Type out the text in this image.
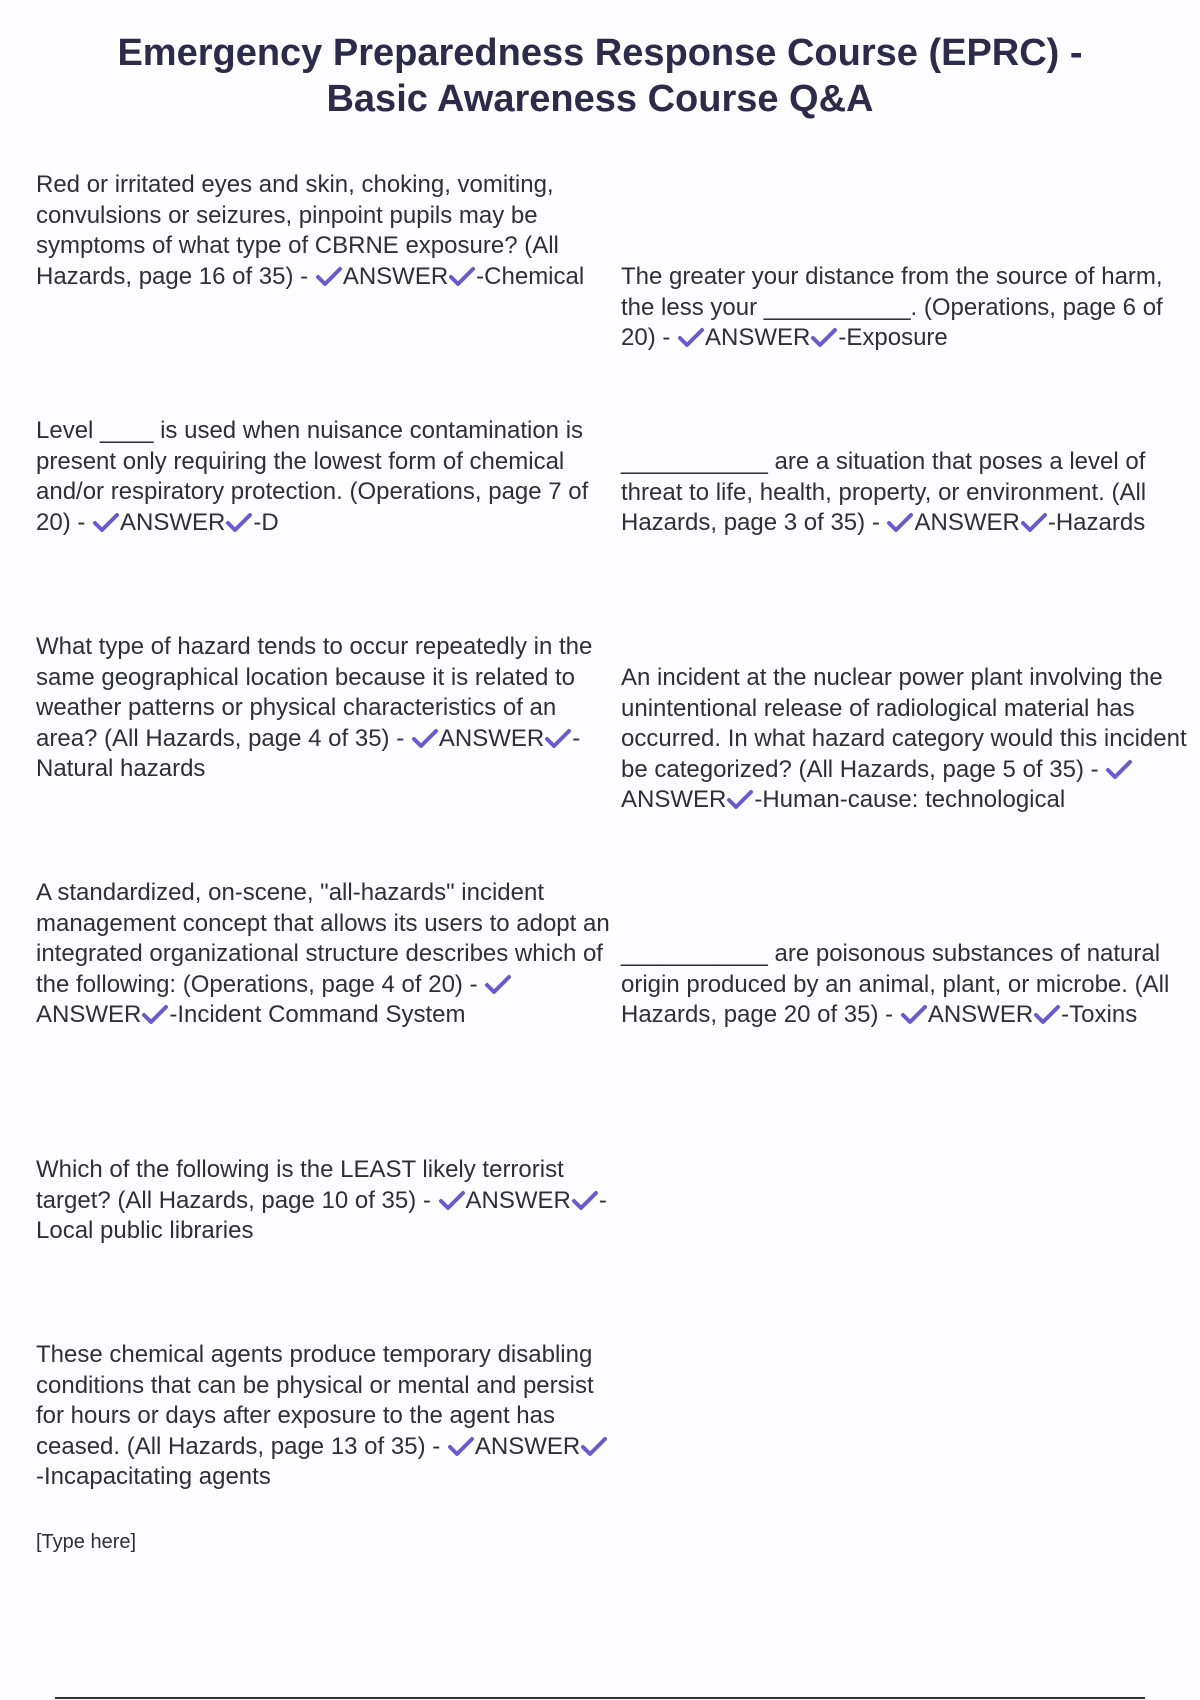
Emergency Preparedness Response Course (EPRC) -
Basic Awareness Course Q&A
Red or irritated eyes and skin, choking, vomiting, convulsions or seizures, pinpoint pupils may be symptoms of what type of CBRNE exposure? (All Hazards, page 16 of 35) - ANSWER -Chemical
Level ____ is used when nuisance contamination is present only requiring the lowest form of chemical and/or respiratory protection. (Operations, page 7 of 20) - ANSWER -D
What type of hazard tends to occur repeatedly in the same geographical location because it is related to weather patterns or physical characteristics of an area? (All Hazards, page 4 of 35) - ANSWER -Natural hazards
A standardized, on-scene, "all-hazards" incident management concept that allows its users to adopt an integrated organizational structure describes which of the following: (Operations, page 4 of 20) -
ANSWER -Incident Command System
Which of the following is the LEAST likely terrorist target? (All Hazards, page 10 of 35) - ANSWER -Local public libraries
These chemical agents produce temporary disabling conditions that can be physical or mental and persist for hours or days after exposure to the agent has ceased. (All Hazards, page 13 of 35) - ANSWER
-Incapacitating agents
The greater your distance from the source of harm, the less your ___________. (Operations, page 6 of 20) - ANSWER -Exposure
___________ are a situation that poses a level of threat to life, health, property, or environment. (All Hazards, page 3 of 35) - ANSWER -Hazards
An incident at the nuclear power plant involving the unintentional release of radiological material has occurred. In what hazard category would this incident be categorized? (All Hazards, page 5 of 35) -
ANSWER -Human-cause: technological
___________ are poisonous substances of natural origin produced by an animal, plant, or microbe. (All Hazards, page 20 of 35) - ANSWER -Toxins
[Type here]
